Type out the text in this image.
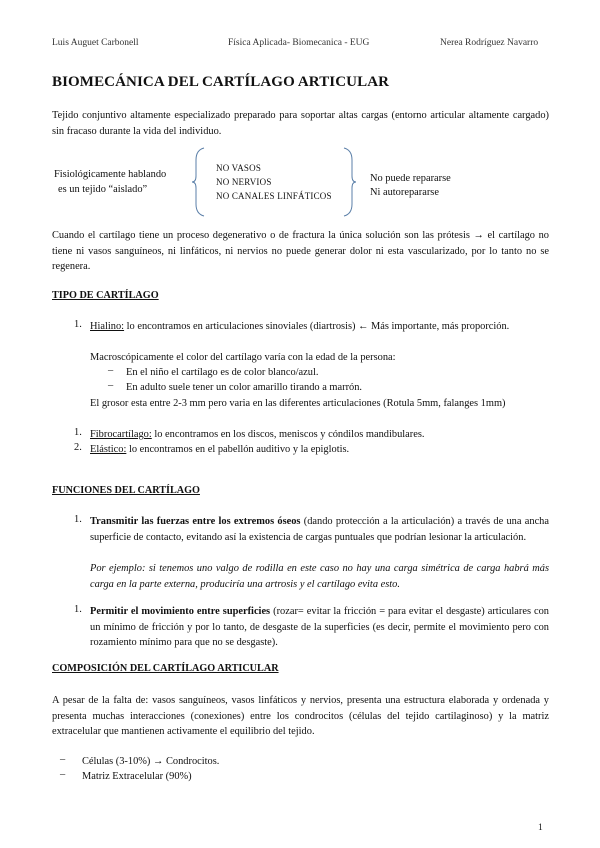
Luis Auguet Carbonell	Física Aplicada- Biomecanica - EUG	Nerea Rodríguez Navarro
BIOMECÁNICA DEL CARTÍLAGO ARTICULAR
Tejido conjuntivo altamente especializado preparado para soportar altas cargas (entorno articular altamente cargado) sin fracaso durante la vida del individuo.
Fisiológicamente hablando
es un tejido “aislado”
NO VASOS
NO NERVIOS
NO CANALES LINFÁTICOS
No puede repararse
Ni autorepararse
Cuando el cartílago tiene un proceso degenerativo o de fractura la única solución son las prótesis → el cartílago no tiene ni vasos sanguíneos, ni linfáticos, ni nervios no puede generar dolor ni esta vascularizado, por lo tanto no se regenera.
TIPO DE CARTÍLAGO
1. Hialino: lo encontramos en articulaciones sinoviales (diartrosis) ← Más importante, más proporción.
Macroscópicamente el color del cartílago varía con la edad de la persona:
– En el niño el cartílago es de color blanco/azul.
– En adulto suele tener un color amarillo tirando a marrón.
El grosor esta entre 2-3 mm pero varia en las diferentes articulaciones (Rotula 5mm, falanges 1mm)
1. Fibrocartílago: lo encontramos en los discos, meniscos y cóndilos mandibulares.
2. Elástico: lo encontramos en el pabellón auditivo y la epiglotis.
FUNCIONES DEL CARTÍLAGO
1. Transmitir las fuerzas entre los extremos óseos (dando protección a la articulación) a través de una ancha superficie de contacto, evitando así la existencia de cargas puntuales que podrían lesionar la articulación.
Por ejemplo: si tenemos uno valgo de rodilla en este caso no hay una carga simétrica de carga habrá más carga en la parte externa, produciría una artrosis y el cartílago evita esto.
1. Permitir el movimiento entre superficies (rozar= evitar la fricción = para evitar el desgaste) articulares con un mínimo de fricción y por lo tanto, de desgaste de la superficies (es decir, permite el movimiento pero con rozamiento mínimo para que no se desgaste).
COMPOSICIÓN DEL CARTÍLAGO ARTICULAR
A pesar de la falta de: vasos sanguíneos, vasos linfáticos y nervios, presenta una estructura elaborada y ordenada y presenta muchas interacciones (conexiones) entre los condrocitos (células del tejido cartilaginoso) y la matriz extracelular que mantienen activamente el equilibrio del tejido.
– Células (3-10%) → Condrocitos.
– Matriz Extracelular (90%)
1
